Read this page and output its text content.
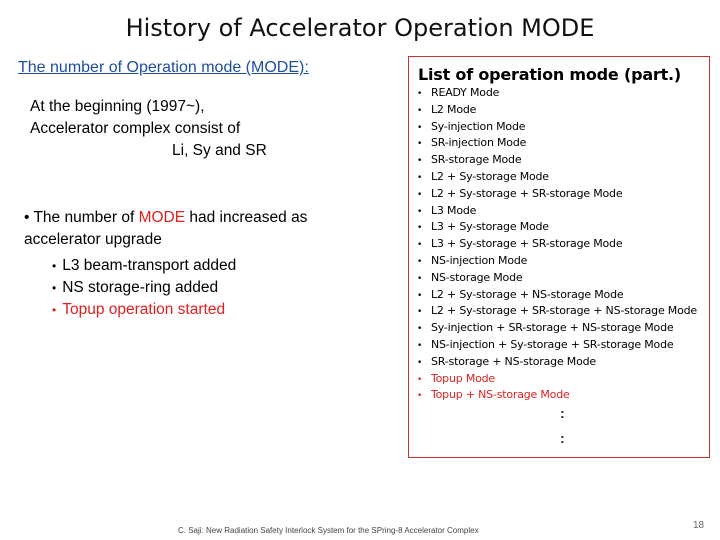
History of Accelerator Operation MODE
The number of Operation mode (MODE):
At the beginning (1997~),
Accelerator complex consist of
Li, Sy and SR
• The number of MODE had increased as
accelerator upgrade
• L3 beam-transport added
• NS storage-ring added
• Topup operation started
List of operation mode (part.)
• READY Mode
• L2 Mode
• Sy-injection Mode
• SR-injection Mode
• SR-storage Mode
• L2 + Sy-storage Mode
• L2 + Sy-storage + SR-storage Mode
• L3 Mode
• L3 + Sy-storage Mode
• L3 + Sy-storage + SR-storage Mode
• NS-injection Mode
• NS-storage Mode
• L2 + Sy-storage + NS-storage Mode
• L2 + Sy-storage + SR-storage + NS-storage Mode
• Sy-injection + SR-storage + NS-storage Mode
• NS-injection + Sy-storage + SR-storage Mode
• SR-storage + NS-storage Mode
• Topup Mode
• Topup + NS-storage Mode
:
:
C. Saji: New Radiation Safety Interlock System for the SPring-8 Accelerator Complex	18
